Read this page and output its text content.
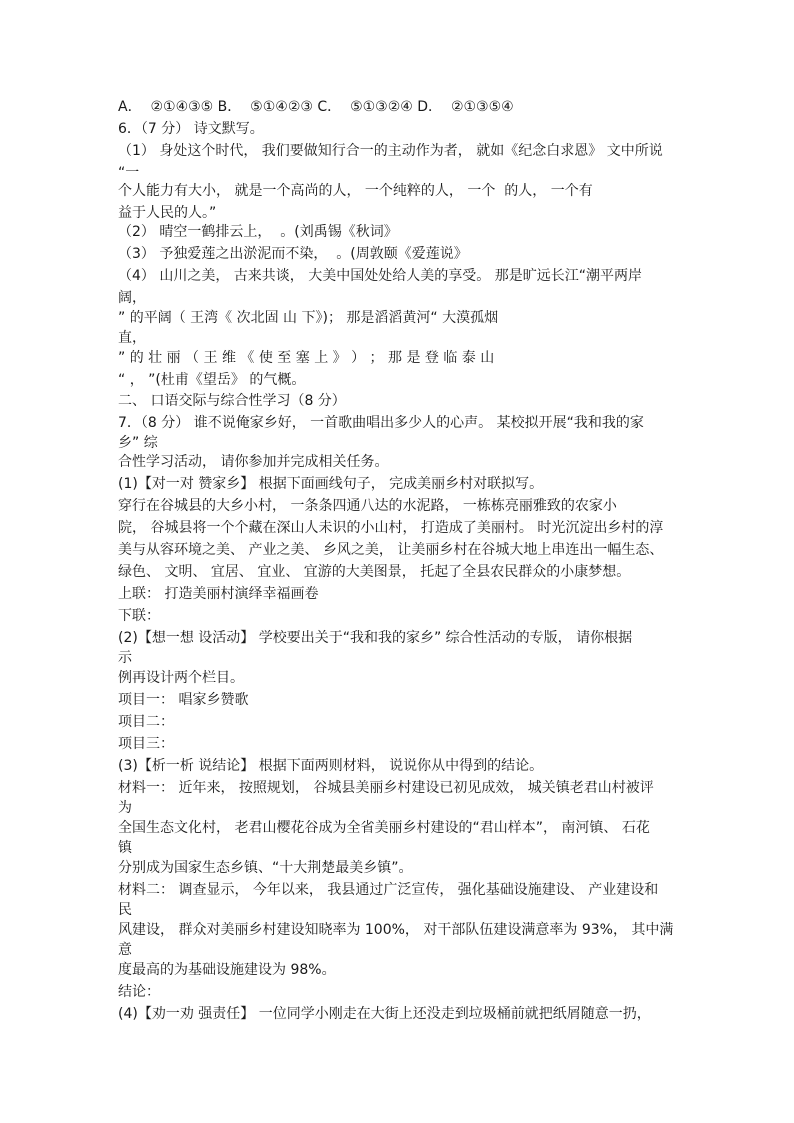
A．  ②①④③⑤ B．  ⑤①④②③ C．  ⑤①③②④ D．  ②①③⑤④

6．（7 分） 诗文默写。

（1） 身处这个时代， 我们要做知行合一的主动作为者， 就如《纪念白求恩》 文中所说

“一

个人能力有大小， 就是一个高尚的人， 一个纯粹的人， 一个  的人， 一个有

益于人民的人。”

（2） 晴空一鹤排云上，  。(刘禹锡《秋词》

（3） 予独爱莲之出淤泥而不染，  。(周敦颐《爱莲说》

（4） 山川之美， 古来共谈， 大美中国处处给人美的享受。 那是旷远长江“潮平两岸

阔，

” 的平阔（ 王湾《 次北固 山 下》)； 那是滔滔黄河“ 大漠孤烟

直，

” 的 壮 丽 （ 王 维 《 使 至 塞 上 》 ） ； 那 是 登 临 泰 山

“ ， ”(杜甫《望岳》 的气概。

二、 口语交际与综合性学习（8 分）

7．（8 分） 谁不说俺家乡好， 一首歌曲唱出多少人的心声。 某校拟开展“我和我的家

乡” 综

合性学习活动， 请你参加并完成相关任务。

(1)【对一对 赞家乡】 根据下面画线句子， 完成美丽乡村对联拟写。

穿行在谷城县的大乡小村， 一条条四通八达的水泥路， 一栋栋亮丽雅致的农家小

院， 谷城县将一个个藏在深山人未识的小山村， 打造成了美丽村。 时光沉淀出乡村的淳

美与从容环境之美、 产业之美、 乡风之美， 让美丽乡村在谷城大地上串连出一幅生态、

绿色、 文明、 宜居、 宜业、 宜游的大美图景， 托起了全县农民群众的小康梦想。

上联： 打造美丽村演绎幸福画卷

下联：

(2)【想一想 设活动】 学校要出关于“我和我的家乡” 综合性活动的专版， 请你根据

示

例再设计两个栏目。

项目一： 唱家乡赞歌

项目二：

项目三：

(3)【析一析 说结论】 根据下面两则材料， 说说你从中得到的结论。

材料一： 近年来， 按照规划， 谷城县美丽乡村建设已初见成效， 城关镇老君山村被评

为

全国生态文化村， 老君山樱花谷成为全省美丽乡村建设的“君山样本”， 南河镇、 石花

镇

分别成为国家生态乡镇、“十大荆楚最美乡镇”。

材料二： 调查显示， 今年以来， 我县通过广泛宣传， 强化基础设施建设、 产业建设和

民

风建设， 群众对美丽乡村建设知晓率为 100%， 对干部队伍建设满意率为 93%， 其中满

意

度最高的为基础设施建设为 98%。

结论：

(4)【劝一劝 强责任】 一位同学小刚走在大街上还没走到垃圾桶前就把纸屑随意一扔，
